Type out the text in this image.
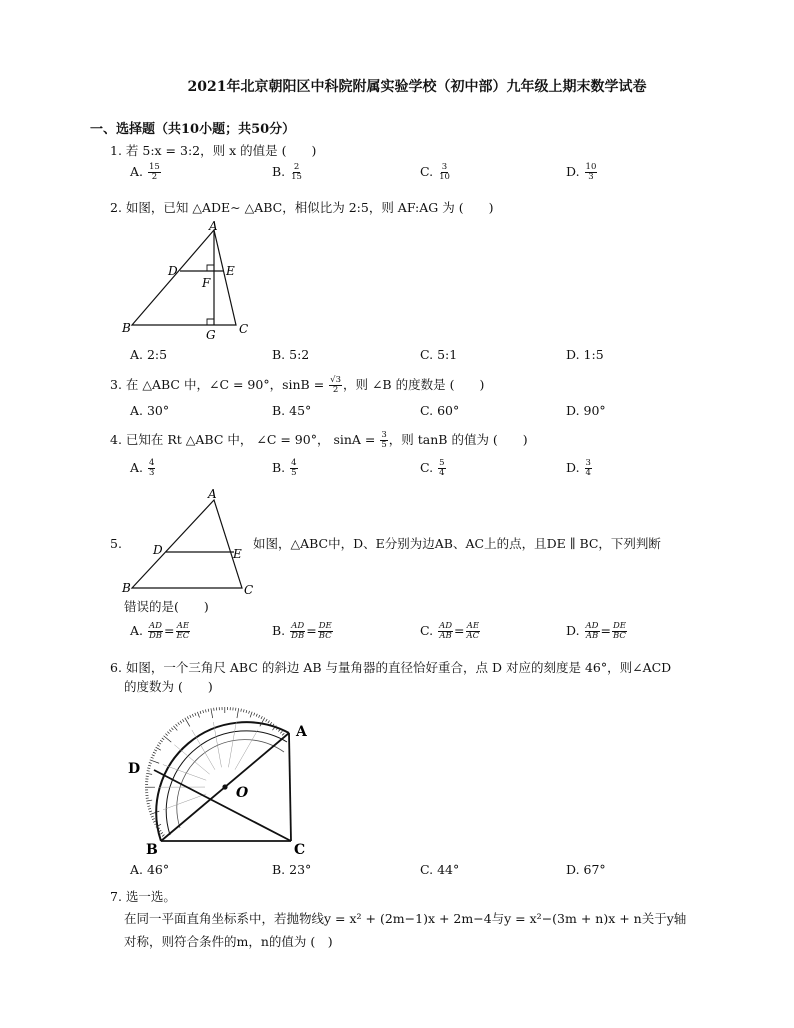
2021年北京朝阳区中科院附属实验学校（初中部）九年级上期末数学试卷
一、选择题（共10小题；共50分）
1. 若 5:x = 3:2，则 x 的值是 (　　)
A. $\frac{15}{2}$	B. $\frac{2}{15}$	C. $\frac{3}{10}$	D. $\frac{10}{3}$
2. 如图，已知 △ADE∼ △ABC，相似比为 2:5，则 AF:AG 为 (　　)
A
D	E
F
B	G C
A. 2:5	B. 5:2	C. 5:1	D. 1:5
3. 在 △ABC 中，∠C = 90°，$\sin B = \frac{√3}{2}$ ，则 ∠B 的度数是 (　　)
A. 30°	B. 45°	C. 60°	D. 90°
4. 已知在 Rt △ABC 中， ∠C = 90°， $\sin A = \frac{3}{5}$ ，则 tanB 的值为 (　　)
A. $\frac{4}{3}$	B. $\frac{4}{5}$	C. $\frac{5}{4}$	D. $\frac{3}{4}$
5.
A
D	E
B	C
如图，△ABC中，D、E分别为边AB、AC上的点，且DE ∥ BC，下列判断
错误的是(　　)
A. $\frac{AD}{DB} = \frac{AE}{EC}$	B. $\frac{AD}{DB} = \frac{DE}{BC}$	C. $\frac{AD}{AB} = \frac{AE}{AC}$	D. $\frac{AD}{AB} = \frac{DE}{BC}$
6. 如图，一个三角尺 ABC 的斜边 AB 与量角器的直径恰好重合，点 D 对应的刻度是 46°，则∠ACD
的度数为 (　　)
A
D
O
B	C
A. 46°	B. 23°	C. 44°	D. 67°
7. 选一选。
在同一平面直角坐标系中，若抛物线y = x² + (2m−1)x + 2m−4与y = x²−(3m + n)x + n关于y轴
对称，则符合条件的m，n的值为 (　)
